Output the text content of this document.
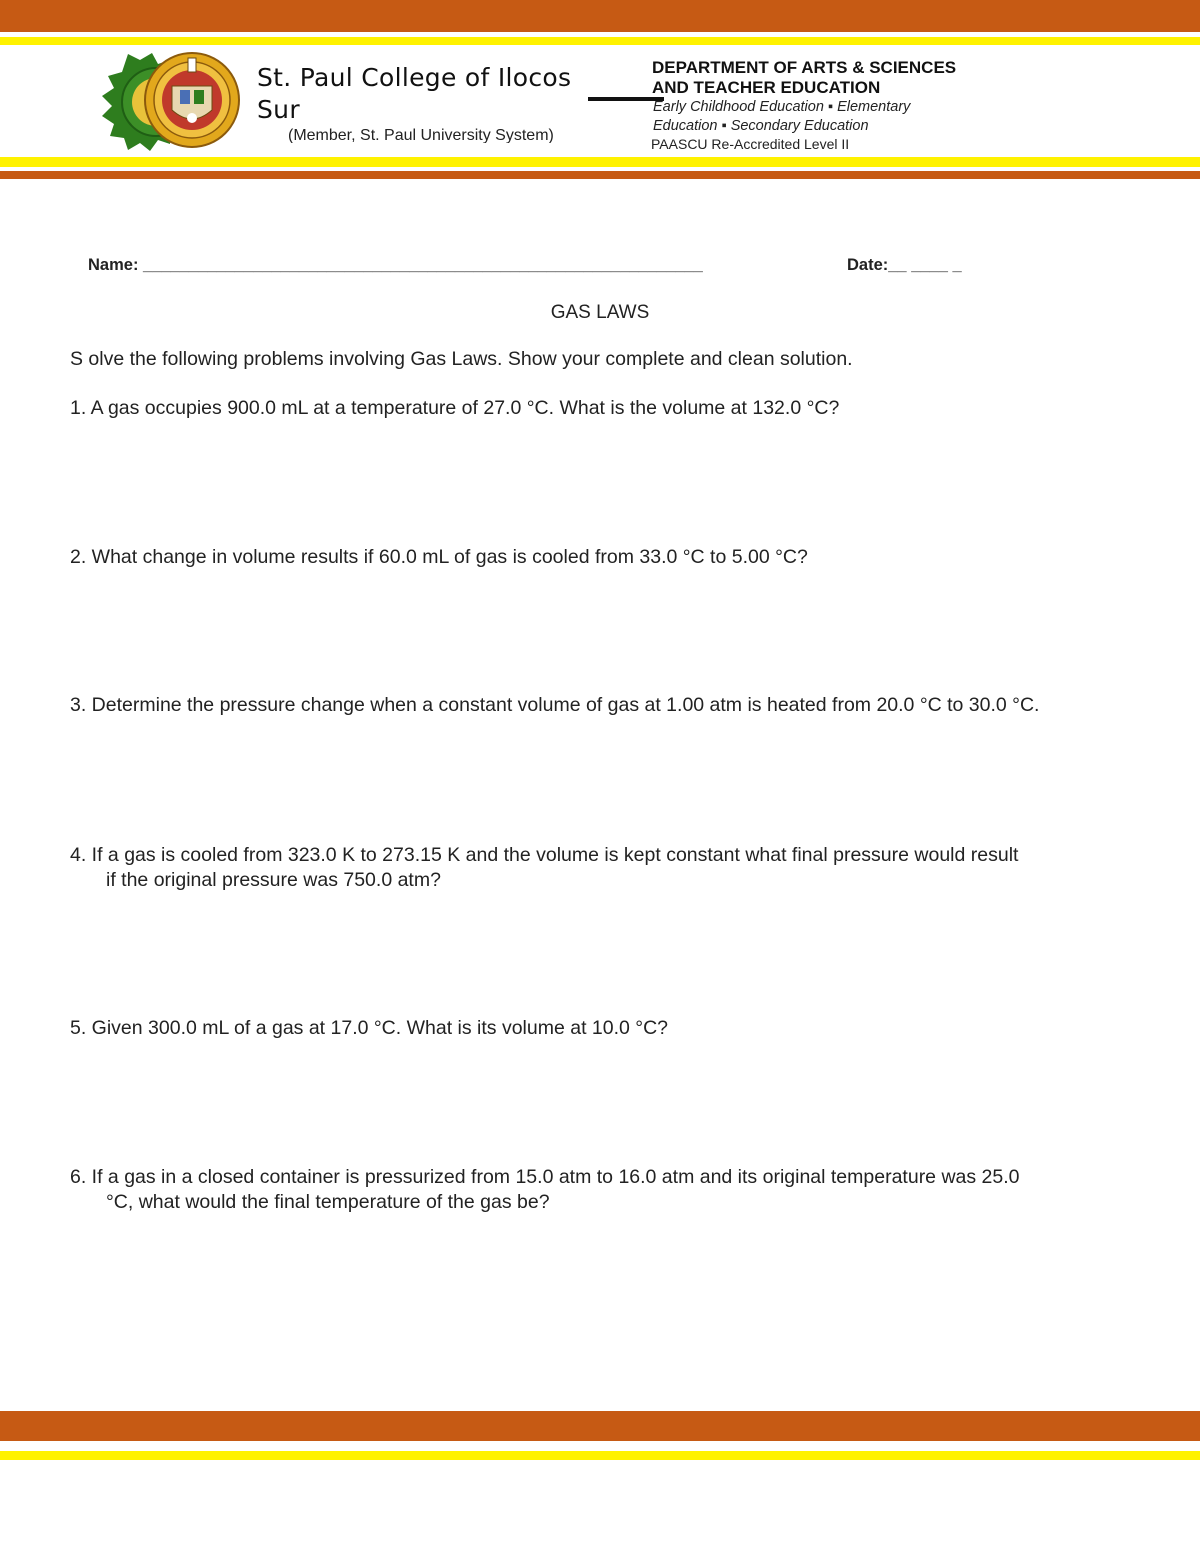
St. Paul College of Ilocos Sur
(Member, St. Paul University System)
DEPARTMENT OF ARTS & SCIENCES
AND TEACHER EDUCATION
Early Childhood Education ▪ Elementary
Education ▪ Secondary Education
PAASCU Re-Accredited Level II
Name: _____________________________________________________________	Date:__ ____ _
GAS LAWS
S olve the following problems involving Gas Laws. Show your complete and clean solution.
1. A gas occupies 900.0 mL at a temperature of 27.0 °C. What is the volume at 132.0 °C?
2. What change in volume results if 60.0 mL of gas is cooled from 33.0 °C to 5.00 °C?
3. Determine the pressure change when a constant volume of gas at 1.00 atm is heated from 20.0 °C to 30.0 °C.
4. If a gas is cooled from 323.0 K to 273.15 K and the volume is kept constant what final pressure would result
if the original pressure was 750.0 atm?
5. Given 300.0 mL of a gas at 17.0 °C. What is its volume at 10.0 °C?
6. If a gas in a closed container is pressurized from 15.0 atm to 16.0 atm and its original temperature was 25.0
°C, what would the final temperature of the gas be?
